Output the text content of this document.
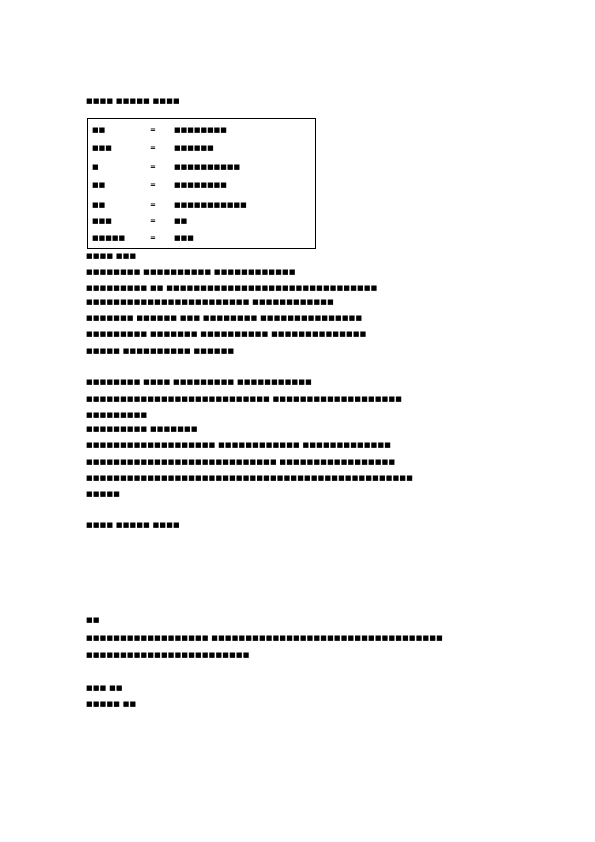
■■■■ ■■■■■ ■■■■
■■	=	■■■■■■■■
■■■	=	■■■■■■
■	=	■■■■■■■■■■
■■	=	■■■■■■■■
■■	=	■■■■■■■■■■■
■■■	=	■■
■■■■■	=	■■■
■■■■ ■■■
■■■■■■■■ ■■■■■■■■■■ ■■■■■■■■■■■■
■■■■■■■■■ ■■ ■■■■■■■■■■■■■■■■■■■■■■■■■■■■■■■
■■■■■■■■■■■■■■■■■■■■■■■■ ■■■■■■■■■■■■
■■■■■■■ ■■■■■■ ■■■ ■■■■■■■■ ■■■■■■■■■■■■■■■
■■■■■■■■■ ■■■■■■■ ■■■■■■■■■■ ■■■■■■■■■■■■■■
■■■■■ ■■■■■■■■■■ ■■■■■■
■■■■■■■■ ■■■■ ■■■■■■■■■ ■■■■■■■■■■■
■■■■■■■■■■■■■■■■■■■■■■■■■■■ ■■■■■■■■■■■■■■■■■■■
■■■■■■■■■
■■■■■■■■■ ■■■■■■■
■■■■■■■■■■■■■■■■■■■ ■■■■■■■■■■■■ ■■■■■■■■■■■■■
■■■■■■■■■■■■■■■■■■■■■■■■■■■■ ■■■■■■■■■■■■■■■■■
■■■■■■■■■■■■■■■■■■■■■■■■■■■■■■■■■■■■■■■■■■■■■■■■
■■■■■
■■■■ ■■■■■ ■■■■
■■
■■■■■■■■■■■■■■■■■■ ■■■■■■■■■■■■■■■■■■■■■■■■■■■■■■■■■■
■■■■■■■■■■■■■■■■■■■■■■■■
■■■ ■■
■■■■■ ■■
